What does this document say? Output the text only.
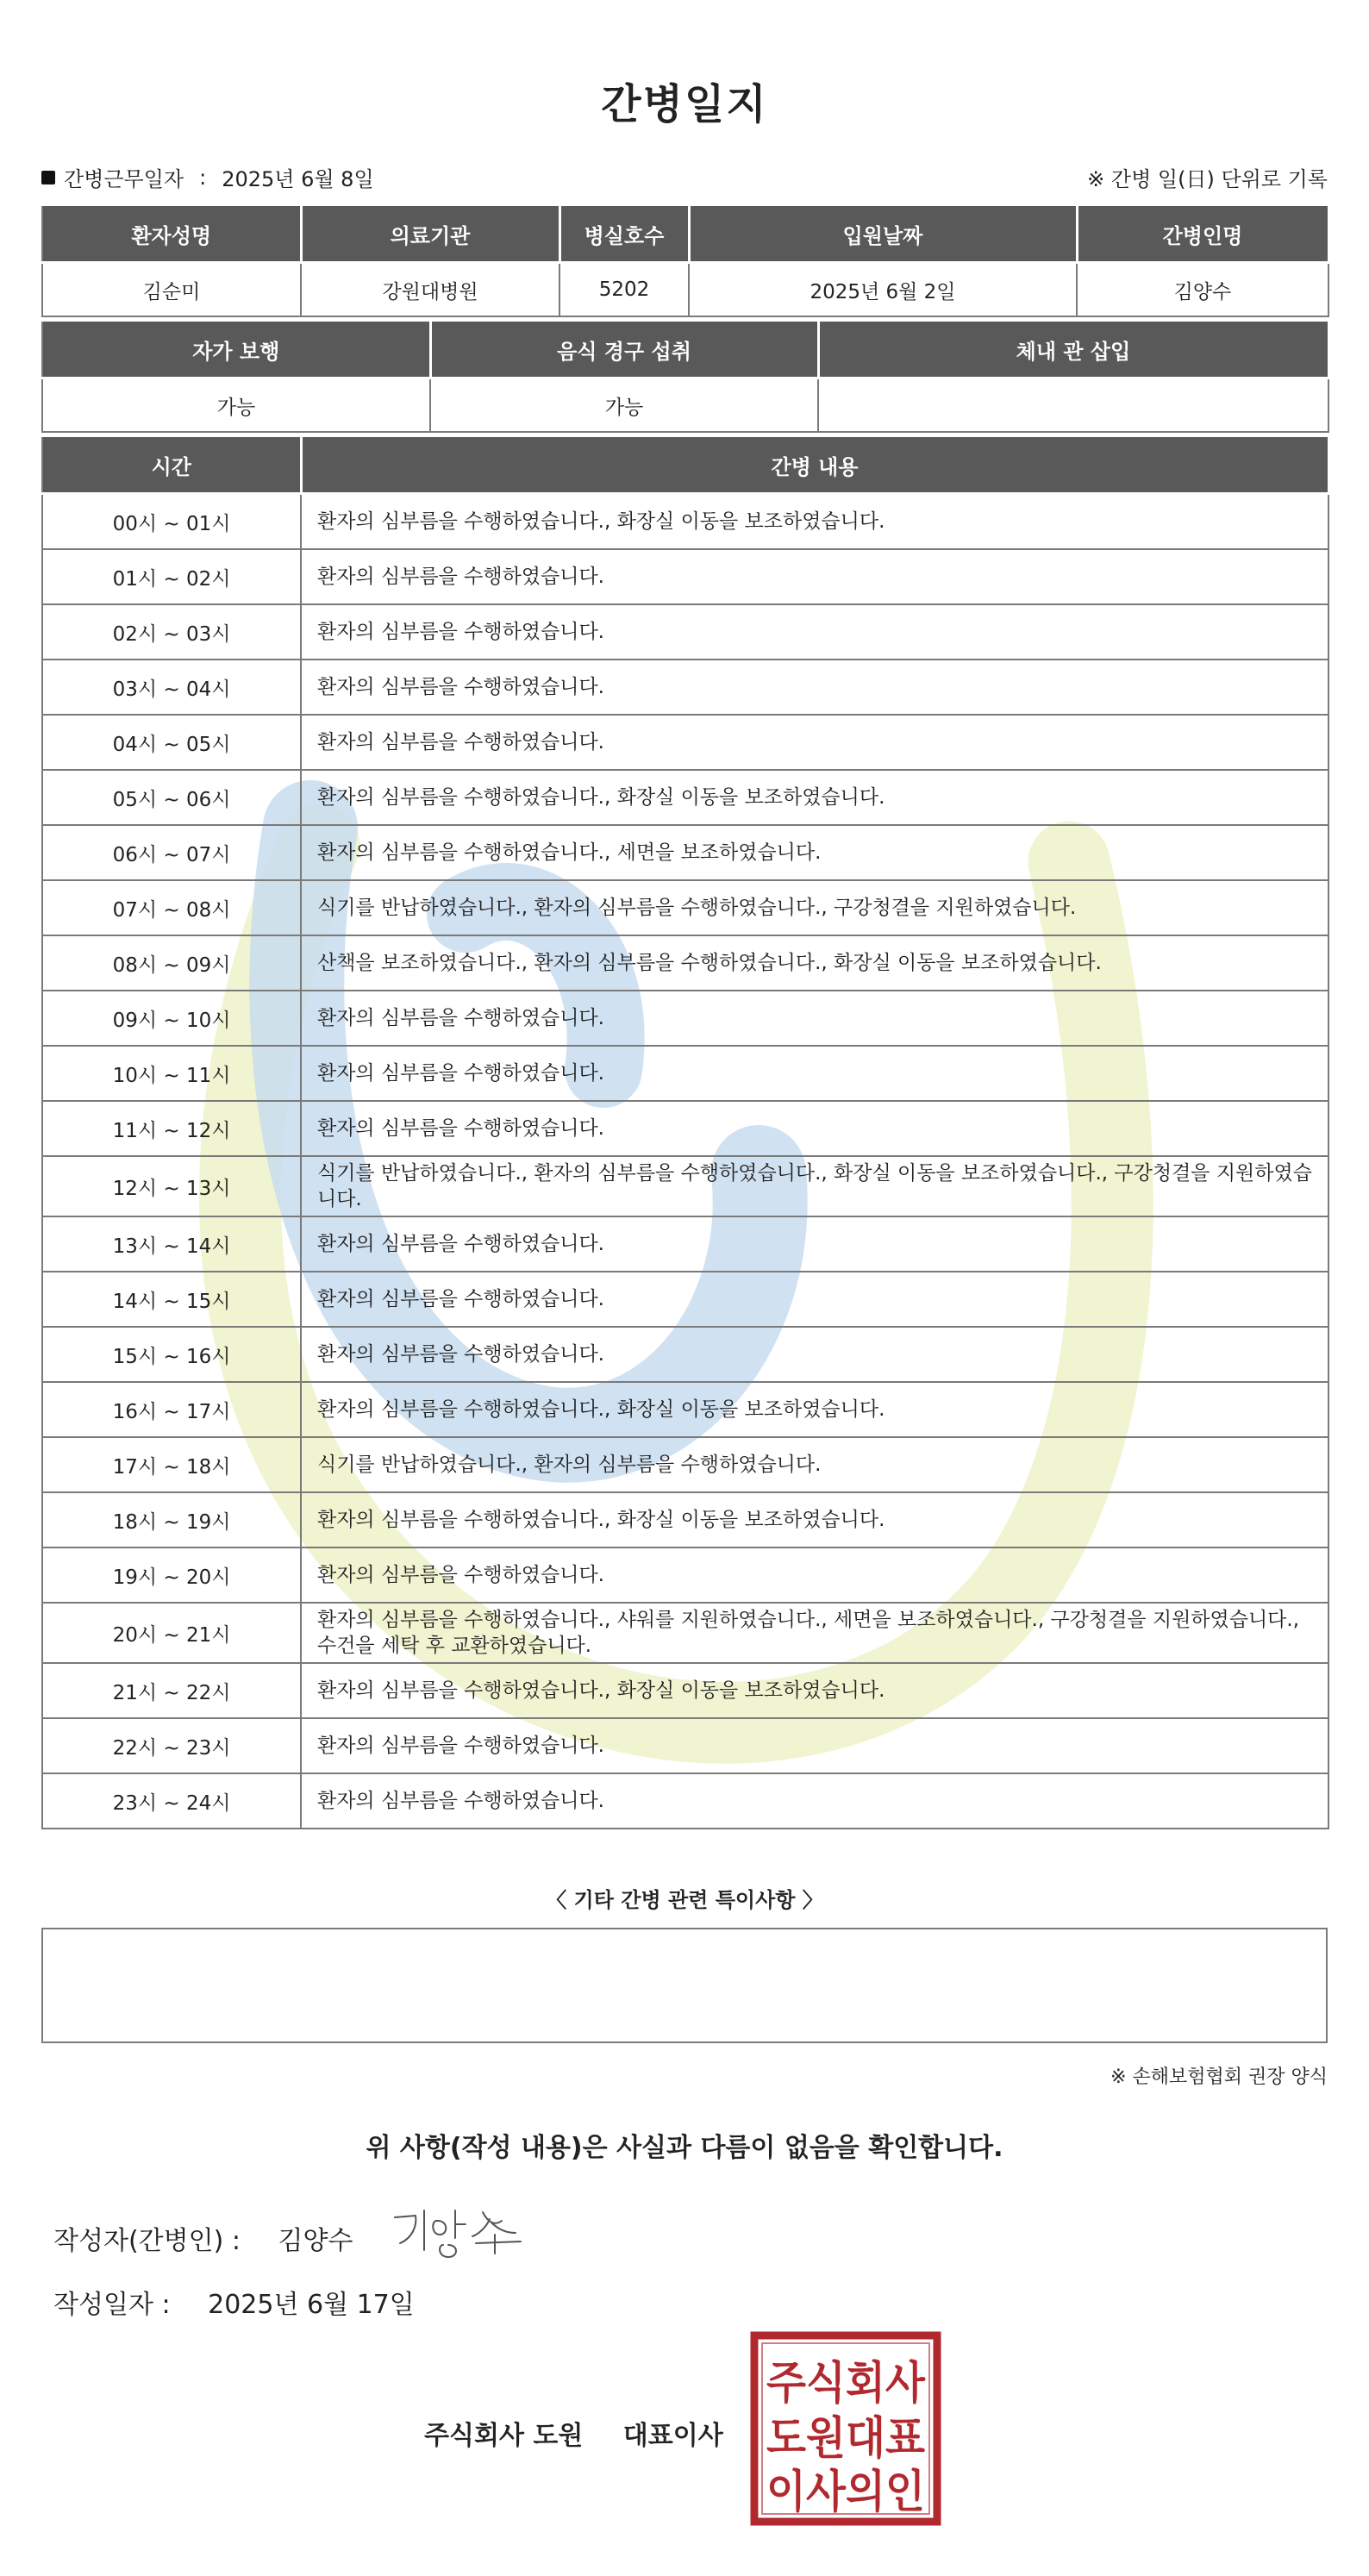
간병일지
간병근무일자 : 2025년 6월 8일	※ 간병 일(日) 단위로 기록
환자성명	의료기관	병실호수	입원날짜	간병인명
김순미	강원대병원	5202	2025년 6월 2일	김양수
자가 보행	음식 경구 섭취	체내 관 삽입
가능	가능	
시간	간병 내용
00시 ~ 01시	환자의 심부름을 수행하였습니다., 화장실 이동을 보조하였습니다.
01시 ~ 02시	환자의 심부름을 수행하였습니다.
02시 ~ 03시	환자의 심부름을 수행하였습니다.
03시 ~ 04시	환자의 심부름을 수행하였습니다.
04시 ~ 05시	환자의 심부름을 수행하였습니다.
05시 ~ 06시	환자의 심부름을 수행하였습니다., 화장실 이동을 보조하였습니다.
06시 ~ 07시	환자의 심부름을 수행하였습니다., 세면을 보조하였습니다.
07시 ~ 08시	식기를 반납하였습니다., 환자의 심부름을 수행하였습니다., 구강청결을 지원하였습니다.
08시 ~ 09시	산책을 보조하였습니다., 환자의 심부름을 수행하였습니다., 화장실 이동을 보조하였습니다.
09시 ~ 10시	환자의 심부름을 수행하였습니다.
10시 ~ 11시	환자의 심부름을 수행하였습니다.
11시 ~ 12시	환자의 심부름을 수행하였습니다.
12시 ~ 13시	식기를 반납하였습니다., 환자의 심부름을 수행하였습니다., 화장실 이동을 보조하였습니다., 구강청결을 지원하였습니다.
13시 ~ 14시	환자의 심부름을 수행하였습니다.
14시 ~ 15시	환자의 심부름을 수행하였습니다.
15시 ~ 16시	환자의 심부름을 수행하였습니다.
16시 ~ 17시	환자의 심부름을 수행하였습니다., 화장실 이동을 보조하였습니다.
17시 ~ 18시	식기를 반납하였습니다., 환자의 심부름을 수행하였습니다.
18시 ~ 19시	환자의 심부름을 수행하였습니다., 화장실 이동을 보조하였습니다.
19시 ~ 20시	환자의 심부름을 수행하였습니다.
20시 ~ 21시	환자의 심부름을 수행하였습니다., 샤워를 지원하였습니다., 세면을 보조하였습니다., 구강청결을 지원하였습니다., 수건을 세탁 후 교환하였습니다.
21시 ~ 22시	환자의 심부름을 수행하였습니다., 화장실 이동을 보조하였습니다.
22시 ~ 23시	환자의 심부름을 수행하였습니다.
23시 ~ 24시	환자의 심부름을 수행하였습니다.
〈 기타 간병 관련 특이사항 〉
※ 손해보험협회 권장 양식
위 사항(작성 내용)은 사실과 다름이 없음을 확인합니다.
작성자(간병인) : 김양수
작성일자 : 2025년 6월 17일
주식회사 도원 대표이사
주식회사
도원대표
이사의인
